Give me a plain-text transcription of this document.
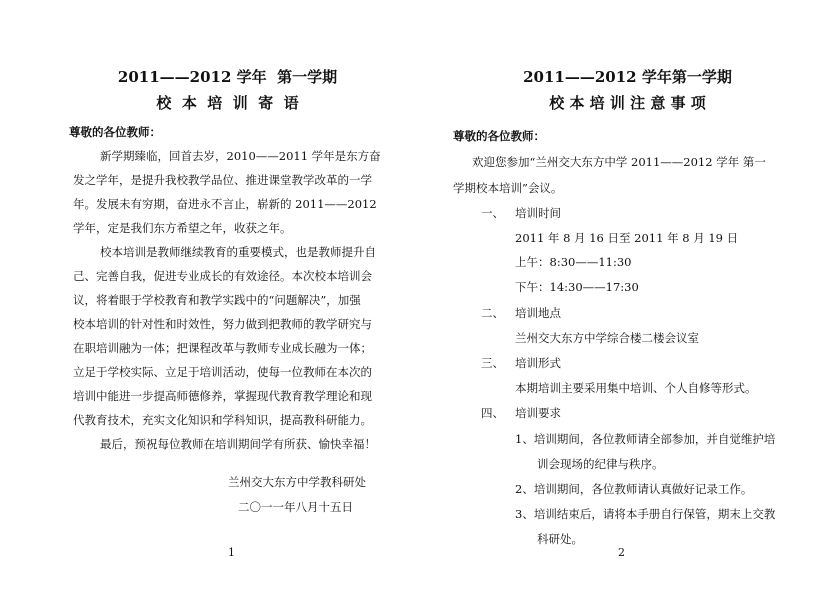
2011——2012 学年  第一学期
校  本  培  训  寄  语
尊敬的各位教师：
新学期臻临，回首去岁，2010——2011 学年是东方奋
发之学年，是提升我校教学品位、推进课堂教学改革的一学
年。发展未有穷期，奋进永不言止，崭新的 2011——2012
学年，定是我们东方希望之年，收获之年。
校本培训是教师继续教育的重要模式，也是教师提升自
己、完善自我，促进专业成长的有效途径。本次校本培训会
议，将着眼于学校教育和教学实践中的“问题解决”，加强
校本培训的针对性和时效性，努力做到把教师的教学研究与
在职培训融为一体；把课程改革与教师专业成长融为一体；
立足于学校实际、立足于培训活动，使每一位教师在本次的
培训中能进一步提高师德修养，掌握现代教育教学理论和现
代教育技术，充实文化知识和学科知识，提高教科研能力。
最后，预祝每位教师在培训期间学有所获、愉快幸福！
兰州交大东方中学教科研处
二〇一一年八月十五日
1
2011——2012 学年第一学期
校 本 培 训 注 意 事 项
尊敬的各位教师：
欢迎您参加“兰州交大东方中学 2011——2012 学年 第一
学期校本培训”会议。
一、 培训时间
2011 年 8 月 16 日至 2011 年 8 月 19 日
上午：8:30——11:30
下午：14:30——17:30
二、 培训地点
兰州交大东方中学综合楼二楼会议室
三、 培训形式
本期培训主要采用集中培训、个人自修等形式。
四、 培训要求
1、培训期间，各位教师请全部参加，并自觉维护培
训会现场的纪律与秩序。
2、培训期间，各位教师请认真做好记录工作。
3、培训结束后，请将本手册自行保管，期末上交教
科研处。
2
